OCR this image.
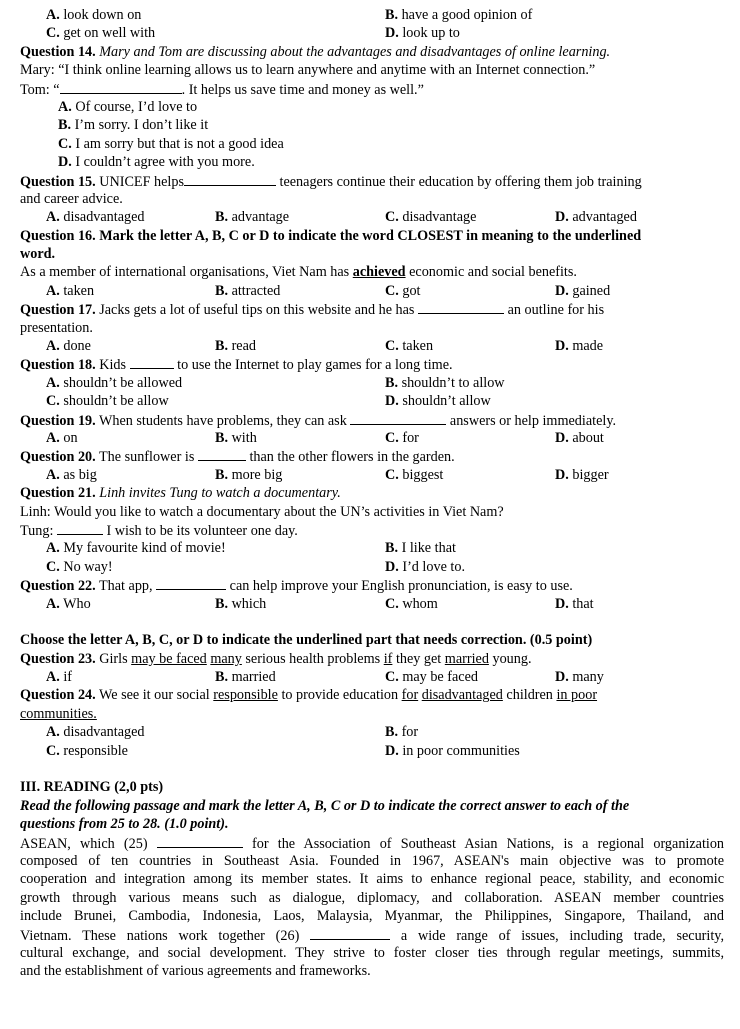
A. look down on	B. have a good opinion of
C. get on well with	D. look up to
Question 14. Mary and Tom are discussing about the advantages and disadvantages of online learning.
Mary: “I think online learning allows us to learn anywhere and anytime with an Internet connection.”
Tom: “	. It helps us save time and money as well.”
A. Of course, I’d love to
B. I’m sorry. I don’t like it
C. I am sorry but that is not a good idea
D. I couldn’t agree with you more.
Question 15. UNICEF helps	teenagers continue their education by offering them job training
and career advice.
A. disadvantaged	B. advantage	C. disadvantage	D. advantaged
Question 16. Mark the letter A, B, C or D to indicate the word CLOSEST in meaning to the underlined
word.
As a member of international organisations, Viet Nam has achieved economic and social benefits.
A. taken	B. attracted	C. got	D. gained
Question 17. Jacks gets a lot of useful tips on this website and he has	an outline for his
presentation.
A. done	B. read	C. taken	D. made
Question 18. Kids	to use the Internet to play games for a long time.
A. shouldn’t be allowed	B. shouldn’t to allow
C. shouldn’t be allow	D. shouldn’t allow
Question 19. When students have problems, they can ask	answers or help immediately.
A. on	B. with	C. for	D. about
Question 20. The sunflower is	than the other flowers in the garden.
A. as big	B. more big	C. biggest	D. bigger
Question 21. Linh invites Tung to watch a documentary.
Linh: Would you like to watch a documentary about the UN’s activities in Viet Nam?
Tung:	I wish to be its volunteer one day.
A. My favourite kind of movie!	B. I like that
C. No way!	D. I’d love to.
Question 22. That app,	can help improve your English pronunciation, is easy to use.
A. Who	B. which	C. whom	D. that
Choose the letter A, B, C, or D to indicate the underlined part that needs correction. (0.5 point)
Question 23. Girls may be faced many serious health problems if they get married young.
A. if	B. married	C. may be faced	D. many
Question 24. We see it our social responsible to provide education for disadvantaged children in poor
communities.
A. disadvantaged	B. for
C. responsible	D. in poor communities
III. READING (2,0 pts)
Read the following passage and mark the letter A, B, C or D to indicate the correct answer to each of the
questions from 25 to 28. (1.0 point).
ASEAN, which (25)	for the Association of Southeast Asian Nations, is a regional organization
composed of ten countries in Southeast Asia. Founded in 1967, ASEAN's main objective was to promote
cooperation and integration among its member states. It aims to enhance regional peace, stability, and economic
growth through various means such as dialogue, diplomacy, and collaboration. ASEAN member countries
include Brunei, Cambodia, Indonesia, Laos, Malaysia, Myanmar, the Philippines, Singapore, Thailand, and
Vietnam. These nations work together (26)	a wide range of issues, including trade, security,
cultural exchange, and social development. They strive to foster closer ties through regular meetings, summits,
and the establishment of various agreements and frameworks.
